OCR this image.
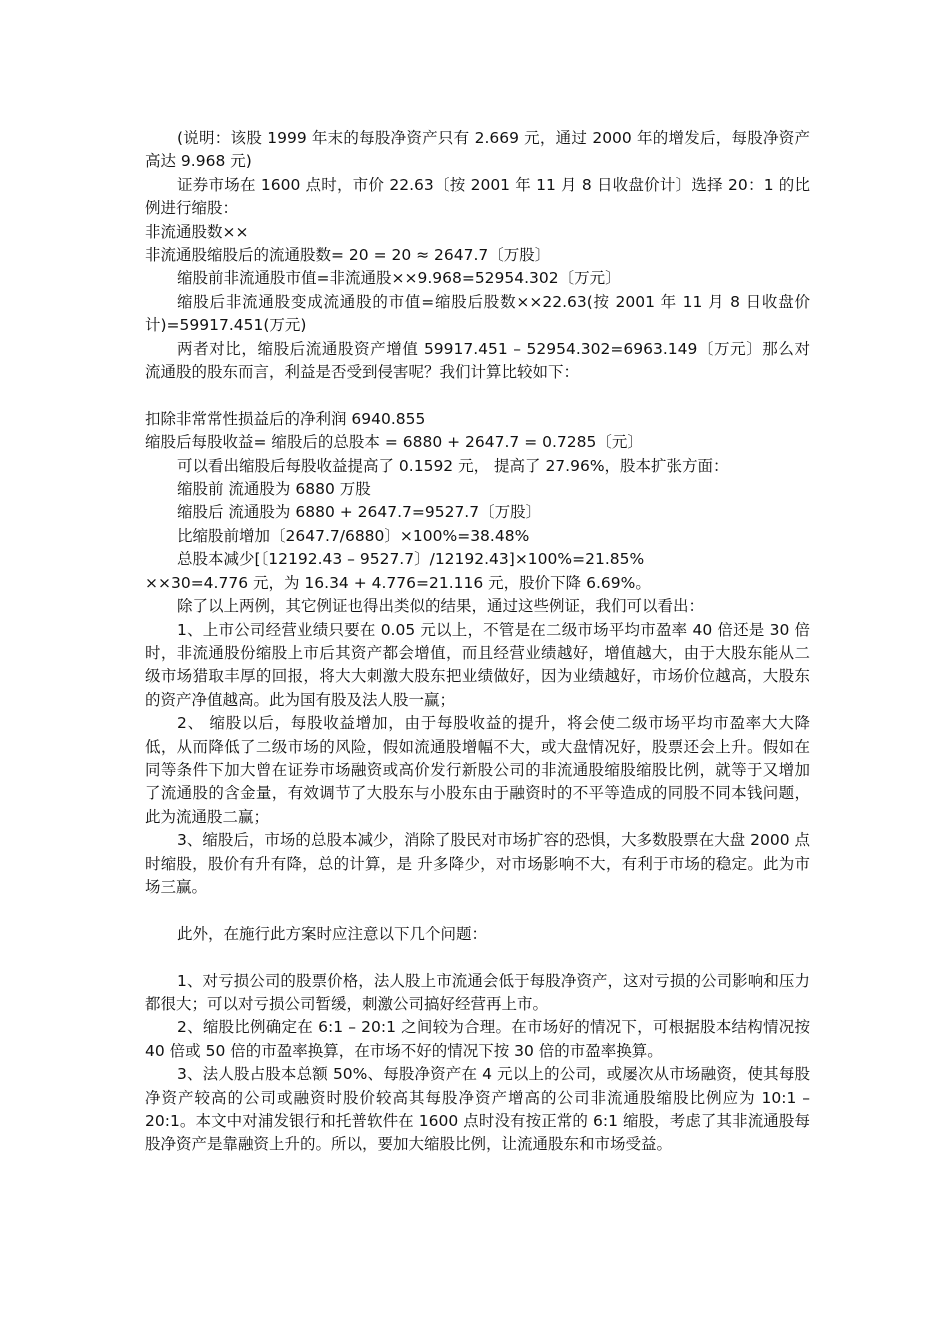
(说明：该股 1999 年末的每股净资产只有 2.669 元，通过 2000 年的增发后，每股净资产高达 9.968 元)

证券市场在 1600 点时，市价 22.63〔按 2001 年 11 月 8 日收盘价计〕选择 20：1 的比例进行缩股：

非流通股数××

非流通股缩股后的流通股数= 20 = 20 ≈ 2647.7〔万股〕

缩股前非流通股市值=非流通股××9.968=52954.302〔万元〕

缩股后非流通股变成流通股的市值=缩股后股数××22.63(按 2001 年 11 月 8 日收盘价计)=59917.451(万元)

两者对比，缩股后流通股资产增值 59917.451 – 52954.302=6963.149〔万元〕那么对流通股的股东而言，利益是否受到侵害呢？我们计算比较如下：

扣除非常常性损益后的净利润 6940.855

缩股后每股收益= 缩股后的总股本 = 6880 + 2647.7 = 0.7285〔元〕

可以看出缩股后每股收益提高了 0.1592 元， 提高了 27.96%，股本扩张方面：

缩股前 流通股为 6880 万股

缩股后 流通股为 6880 + 2647.7=9527.7〔万股〕

比缩股前增加〔2647.7/6880〕×100%=38.48%

总股本减少[〔12192.43 – 9527.7〕/12192.43]×100%=21.85%

××30=4.776 元，为 16.34 + 4.776=21.116 元，股价下降 6.69%。

除了以上两例，其它例证也得出类似的结果，通过这些例证，我们可以看出：

1、上市公司经营业绩只要在 0.05 元以上，不管是在二级市场平均市盈率 40 倍还是 30 倍时，非流通股份缩股上市后其资产都会增值，而且经营业绩越好，增值越大，由于大股东能从二级市场猎取丰厚的回报，将大大刺激大股东把业绩做好，因为业绩越好，市场价位越高，大股东的资产净值越高。此为国有股及法人股一赢；

2、 缩股以后，每股收益增加，由于每股收益的提升，将会使二级市场平均市盈率大大降低，从而降低了二级市场的风险，假如流通股增幅不大，或大盘情况好，股票还会上升。假如在同等条件下加大曾在证券市场融资或高价发行新股公司的非流通股缩股缩股比例，就等于又增加了流通股的含金量，有效调节了大股东与小股东由于融资时的不平等造成的同股不同本钱问题，此为流通股二赢；

3、缩股后，市场的总股本减少，消除了股民对市场扩容的恐惧，大多数股票在大盘 2000 点时缩股，股价有升有降，总的计算，是 升多降少，对市场影响不大，有利于市场的稳定。此为市场三赢。

此外，在施行此方案时应注意以下几个问题：

1、对亏损公司的股票价格，法人股上市流通会低于每股净资产，这对亏损的公司影响和压力都很大；可以对亏损公司暂缓，刺激公司搞好经营再上市。

2、缩股比例确定在 6:1 – 20:1 之间较为合理。在市场好的情况下，可根据股本结构情况按 40 倍或 50 倍的市盈率换算，在市场不好的情况下按 30 倍的市盈率换算。

3、法人股占股本总额 50%、每股净资产在 4 元以上的公司，或屡次从市场融资，使其每股净资产较高的公司或融资时股价较高其每股净资产增高的公司非流通股缩股比例应为 10:1 – 20:1。本文中对浦发银行和托普软件在 1600 点时没有按正常的 6:1 缩股，考虑了其非流通股每股净资产是靠融资上升的。所以，要加大缩股比例，让流通股东和市场受益。
